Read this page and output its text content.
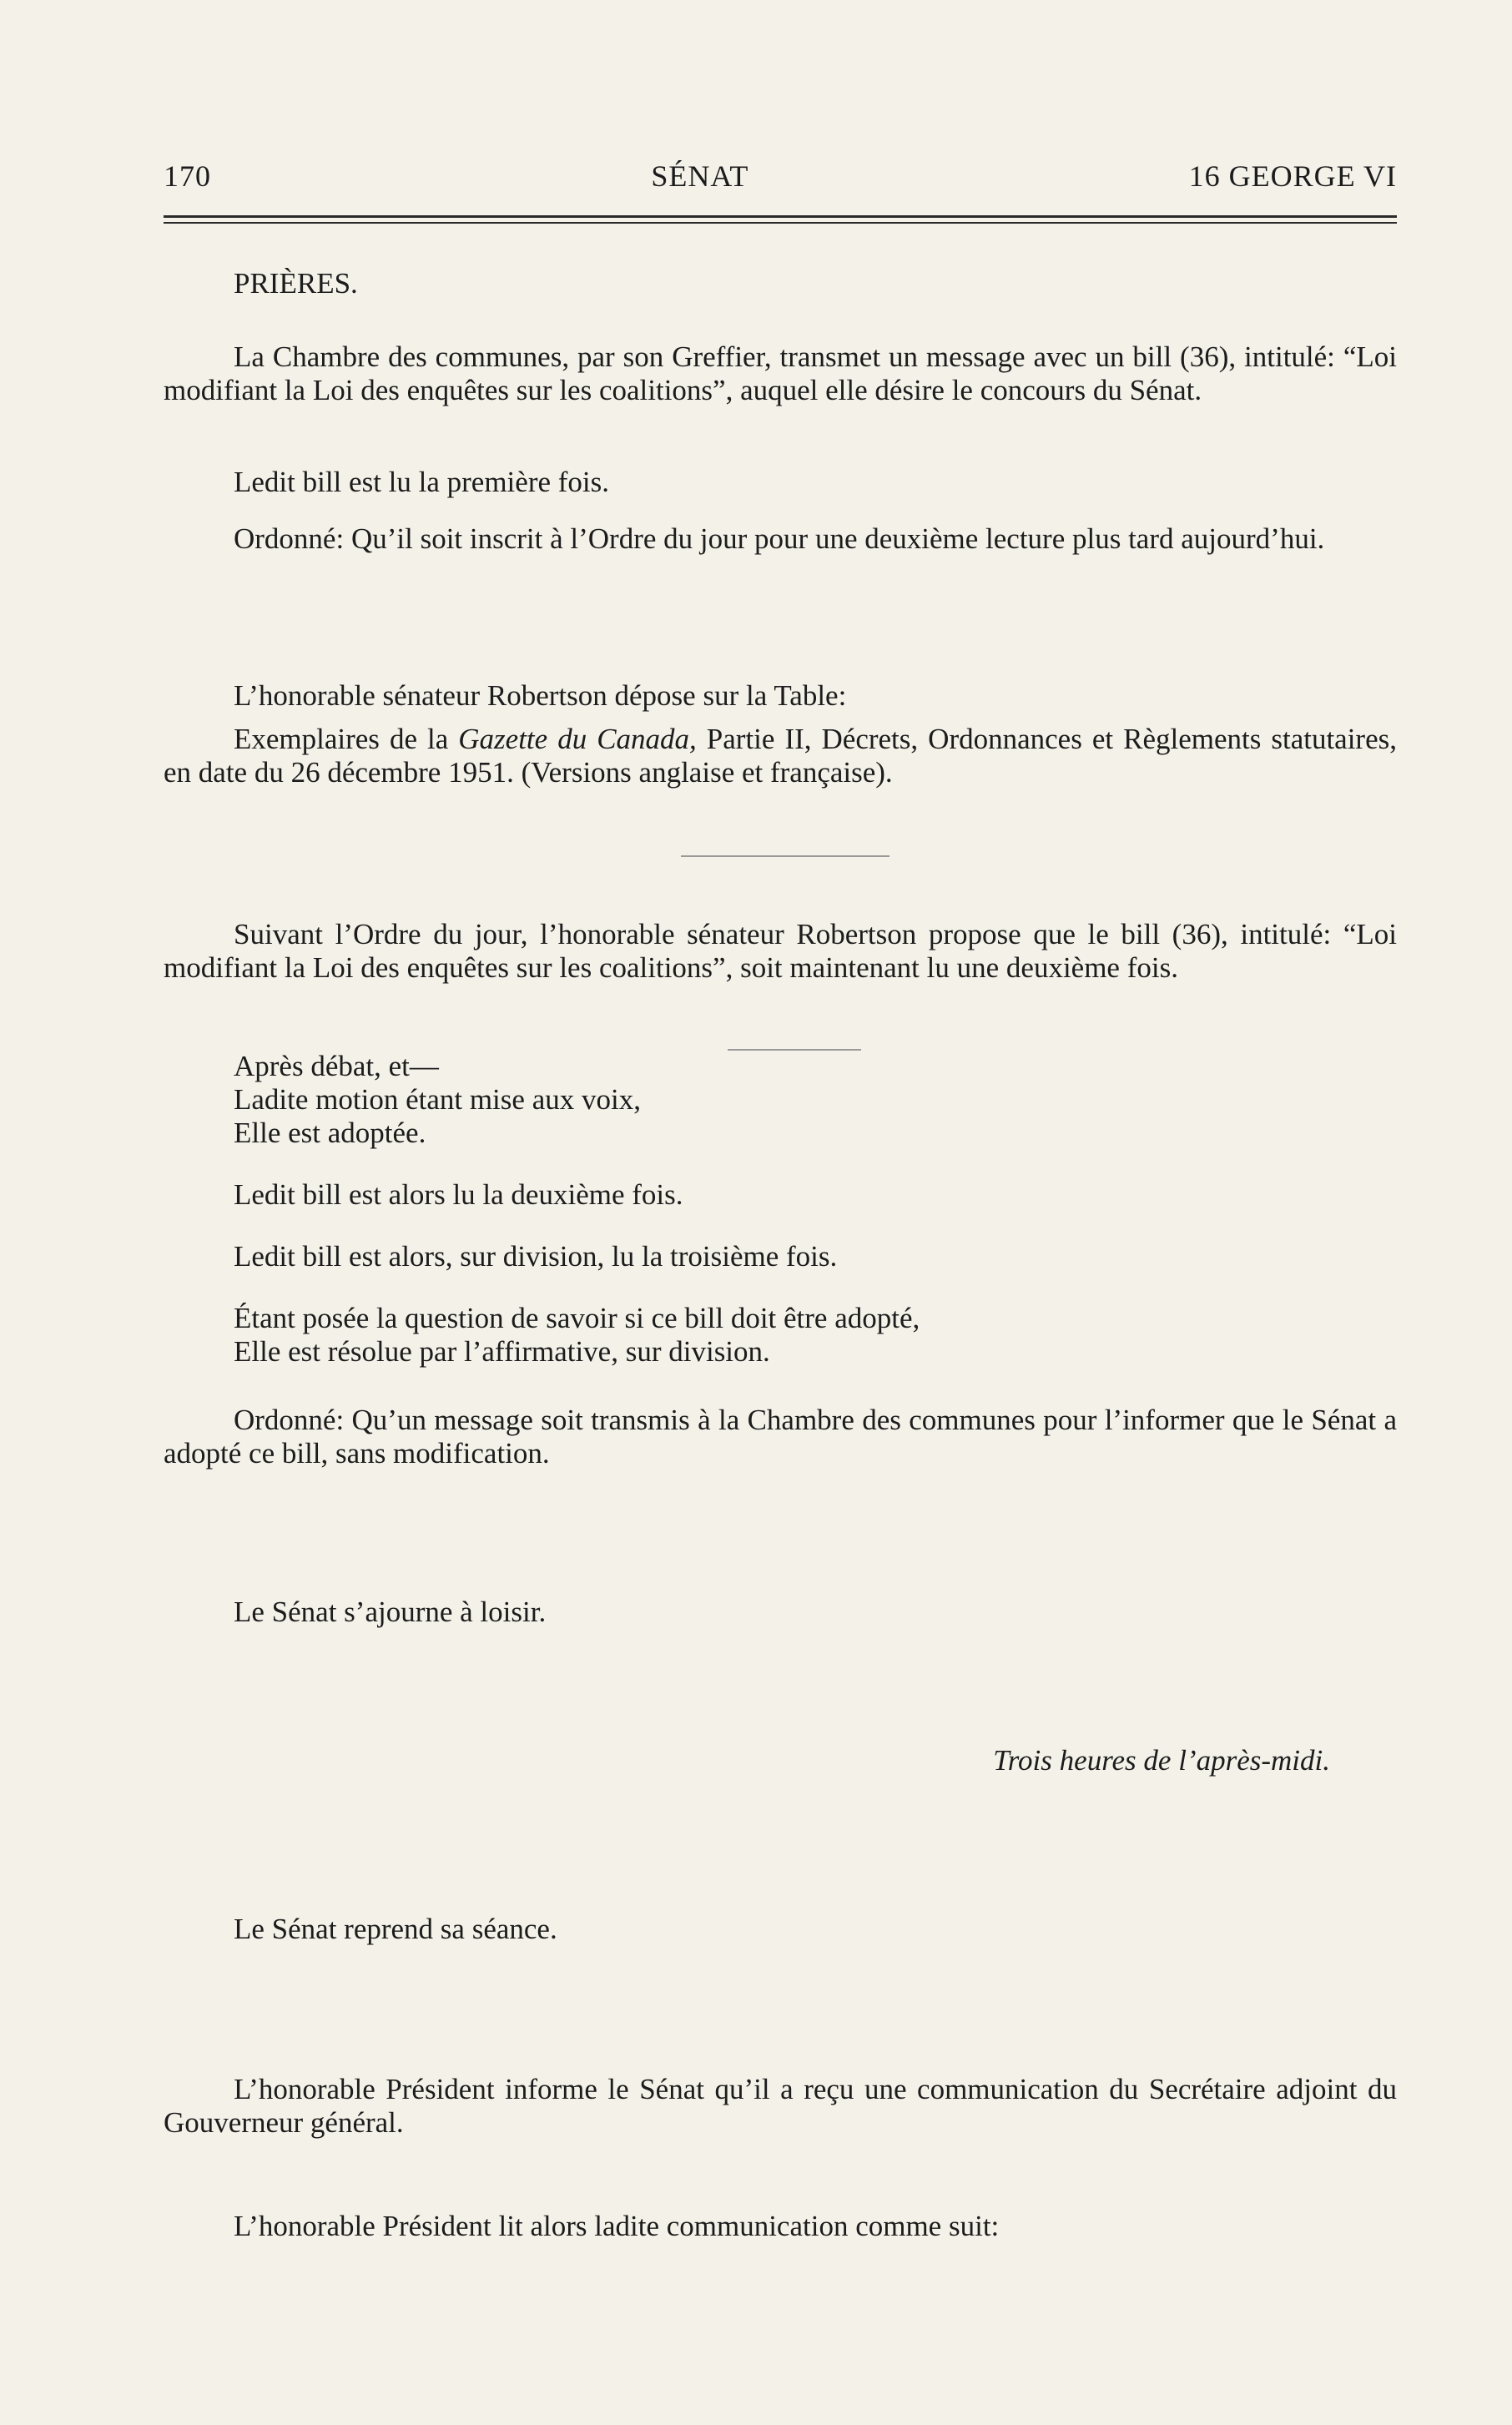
170	SÉNAT	16 GEORGE VI

PRIÈRES.

La Chambre des communes, par son Greffier, transmet un message avec un bill (36), intitulé: “Loi modifiant la Loi des enquêtes sur les coalitions”, auquel elle désire le concours du Sénat.

Ledit bill est lu la première fois.

Ordonné: Qu’il soit inscrit à l’Ordre du jour pour une deuxième lecture plus tard aujourd’hui.

L’honorable sénateur Robertson dépose sur la Table:

Exemplaires de la Gazette du Canada, Partie II, Décrets, Ordonnances et Règlements statutaires, en date du 26 décembre 1951. (Versions anglaise et française).

Suivant l’Ordre du jour, l’honorable sénateur Robertson propose que le bill (36), intitulé: “Loi modifiant la Loi des enquêtes sur les coalitions”, soit maintenant lu une deuxième fois.

Après débat, et—

Ladite motion étant mise aux voix,

Elle est adoptée.

Ledit bill est alors lu la deuxième fois.

Ledit bill est alors, sur division, lu la troisième fois.

Étant posée la question de savoir si ce bill doit être adopté,

Elle est résolue par l’affirmative, sur division.

Ordonné: Qu’un message soit transmis à la Chambre des communes pour l’informer que le Sénat a adopté ce bill, sans modification.

Le Sénat s’ajourne à loisir.

Trois heures de l’après-midi.

Le Sénat reprend sa séance.

L’honorable Président informe le Sénat qu’il a reçu une communication du Secrétaire adjoint du Gouverneur général.

L’honorable Président lit alors ladite communication comme suit:
